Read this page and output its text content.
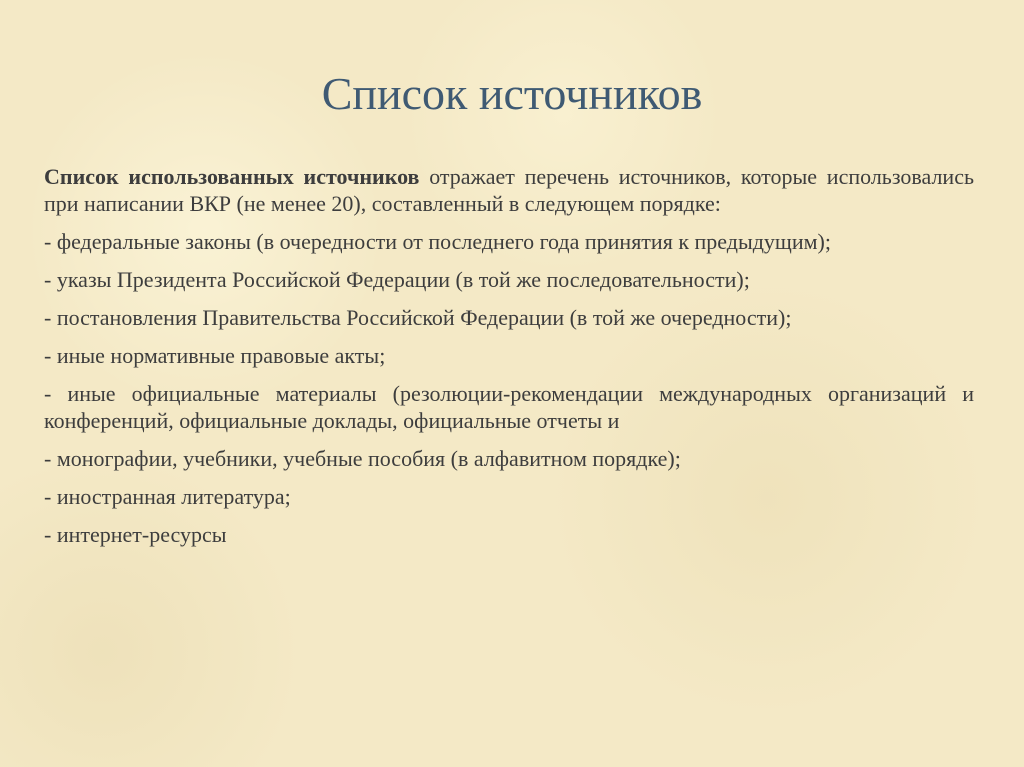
Список источников

Список использованных источников отражает перечень источников, которые использовались при написании ВКР (не менее 20), составленный в следующем порядке:

- федеральные законы (в очередности от последнего года принятия к предыдущим);

- указы Президента Российской Федерации (в той же последовательности);

- постановления Правительства Российской Федерации (в той же очередности);

- иные нормативные правовые акты;

- иные официальные материалы (резолюции-рекомендации международных организаций и конференций, официальные доклады, официальные отчеты и

- монографии, учебники, учебные пособия (в алфавитном порядке);

- иностранная литература;

- интернет-ресурсы
